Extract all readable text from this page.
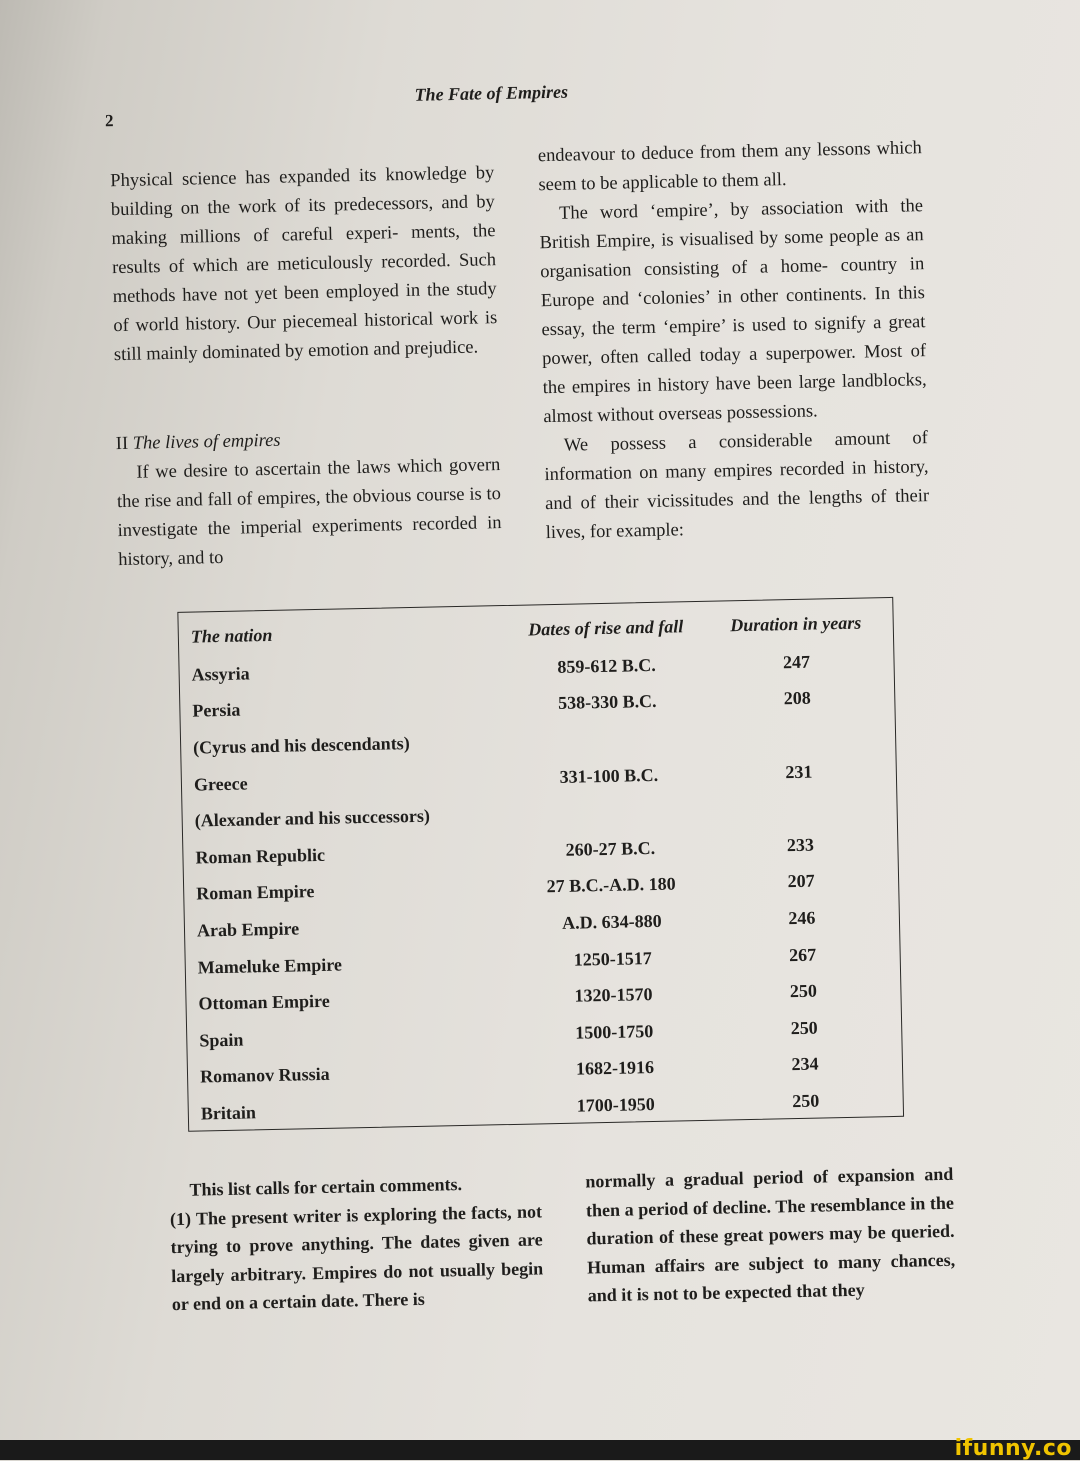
2
The Fate of Empires

Physical science has expanded its knowledge by building on the work of its predecessors, and by making millions of careful experi- ments, the results of which are meticulously recorded. Such methods have not yet been employed in the study of world history. Our piecemeal historical work is still mainly dominated by emotion and prejudice.

II The lives of empires

If we desire to ascertain the laws which govern the rise and fall of empires, the obvious course is to investigate the imperial experiments recorded in history, and to

endeavour to deduce from them any lessons which seem to be applicable to them all.

The word ‘empire’, by association with the British Empire, is visualised by some people as an organisation consisting of a home- country in Europe and ‘colonies’ in other continents. In this essay, the term ‘empire’ is used to signify a great power, often called today a superpower. Most of the empires in history have been large landblocks, almost without overseas possessions.

We possess a considerable amount of information on many empires recorded in history, and of their vicissitudes and the lengths of their lives, for example:

The nation	Dates of rise and fall	Duration in years
Assyria	859-612 B.C.	247
Persia	538-330 B.C.	208
(Cyrus and his descendants)
Greece	331-100 B.C.	231
(Alexander and his successors)
Roman Republic	260-27 B.C.	233
Roman Empire	27 B.C.-A.D. 180	207
Arab Empire	A.D. 634-880	246
Mameluke Empire	1250-1517	267
Ottoman Empire	1320-1570	250
Spain	1500-1750	250
Romanov Russia	1682-1916	234
Britain	1700-1950	250

This list calls for certain comments.

(1) The present writer is exploring the facts, not trying to prove anything. The dates given are largely arbitrary. Empires do not usually begin or end on a certain date. There is

normally a gradual period of expansion and then a period of decline. The resemblance in the duration of these great powers may be queried. Human affairs are subject to many chances, and it is not to be expected that they

ifunny.co
